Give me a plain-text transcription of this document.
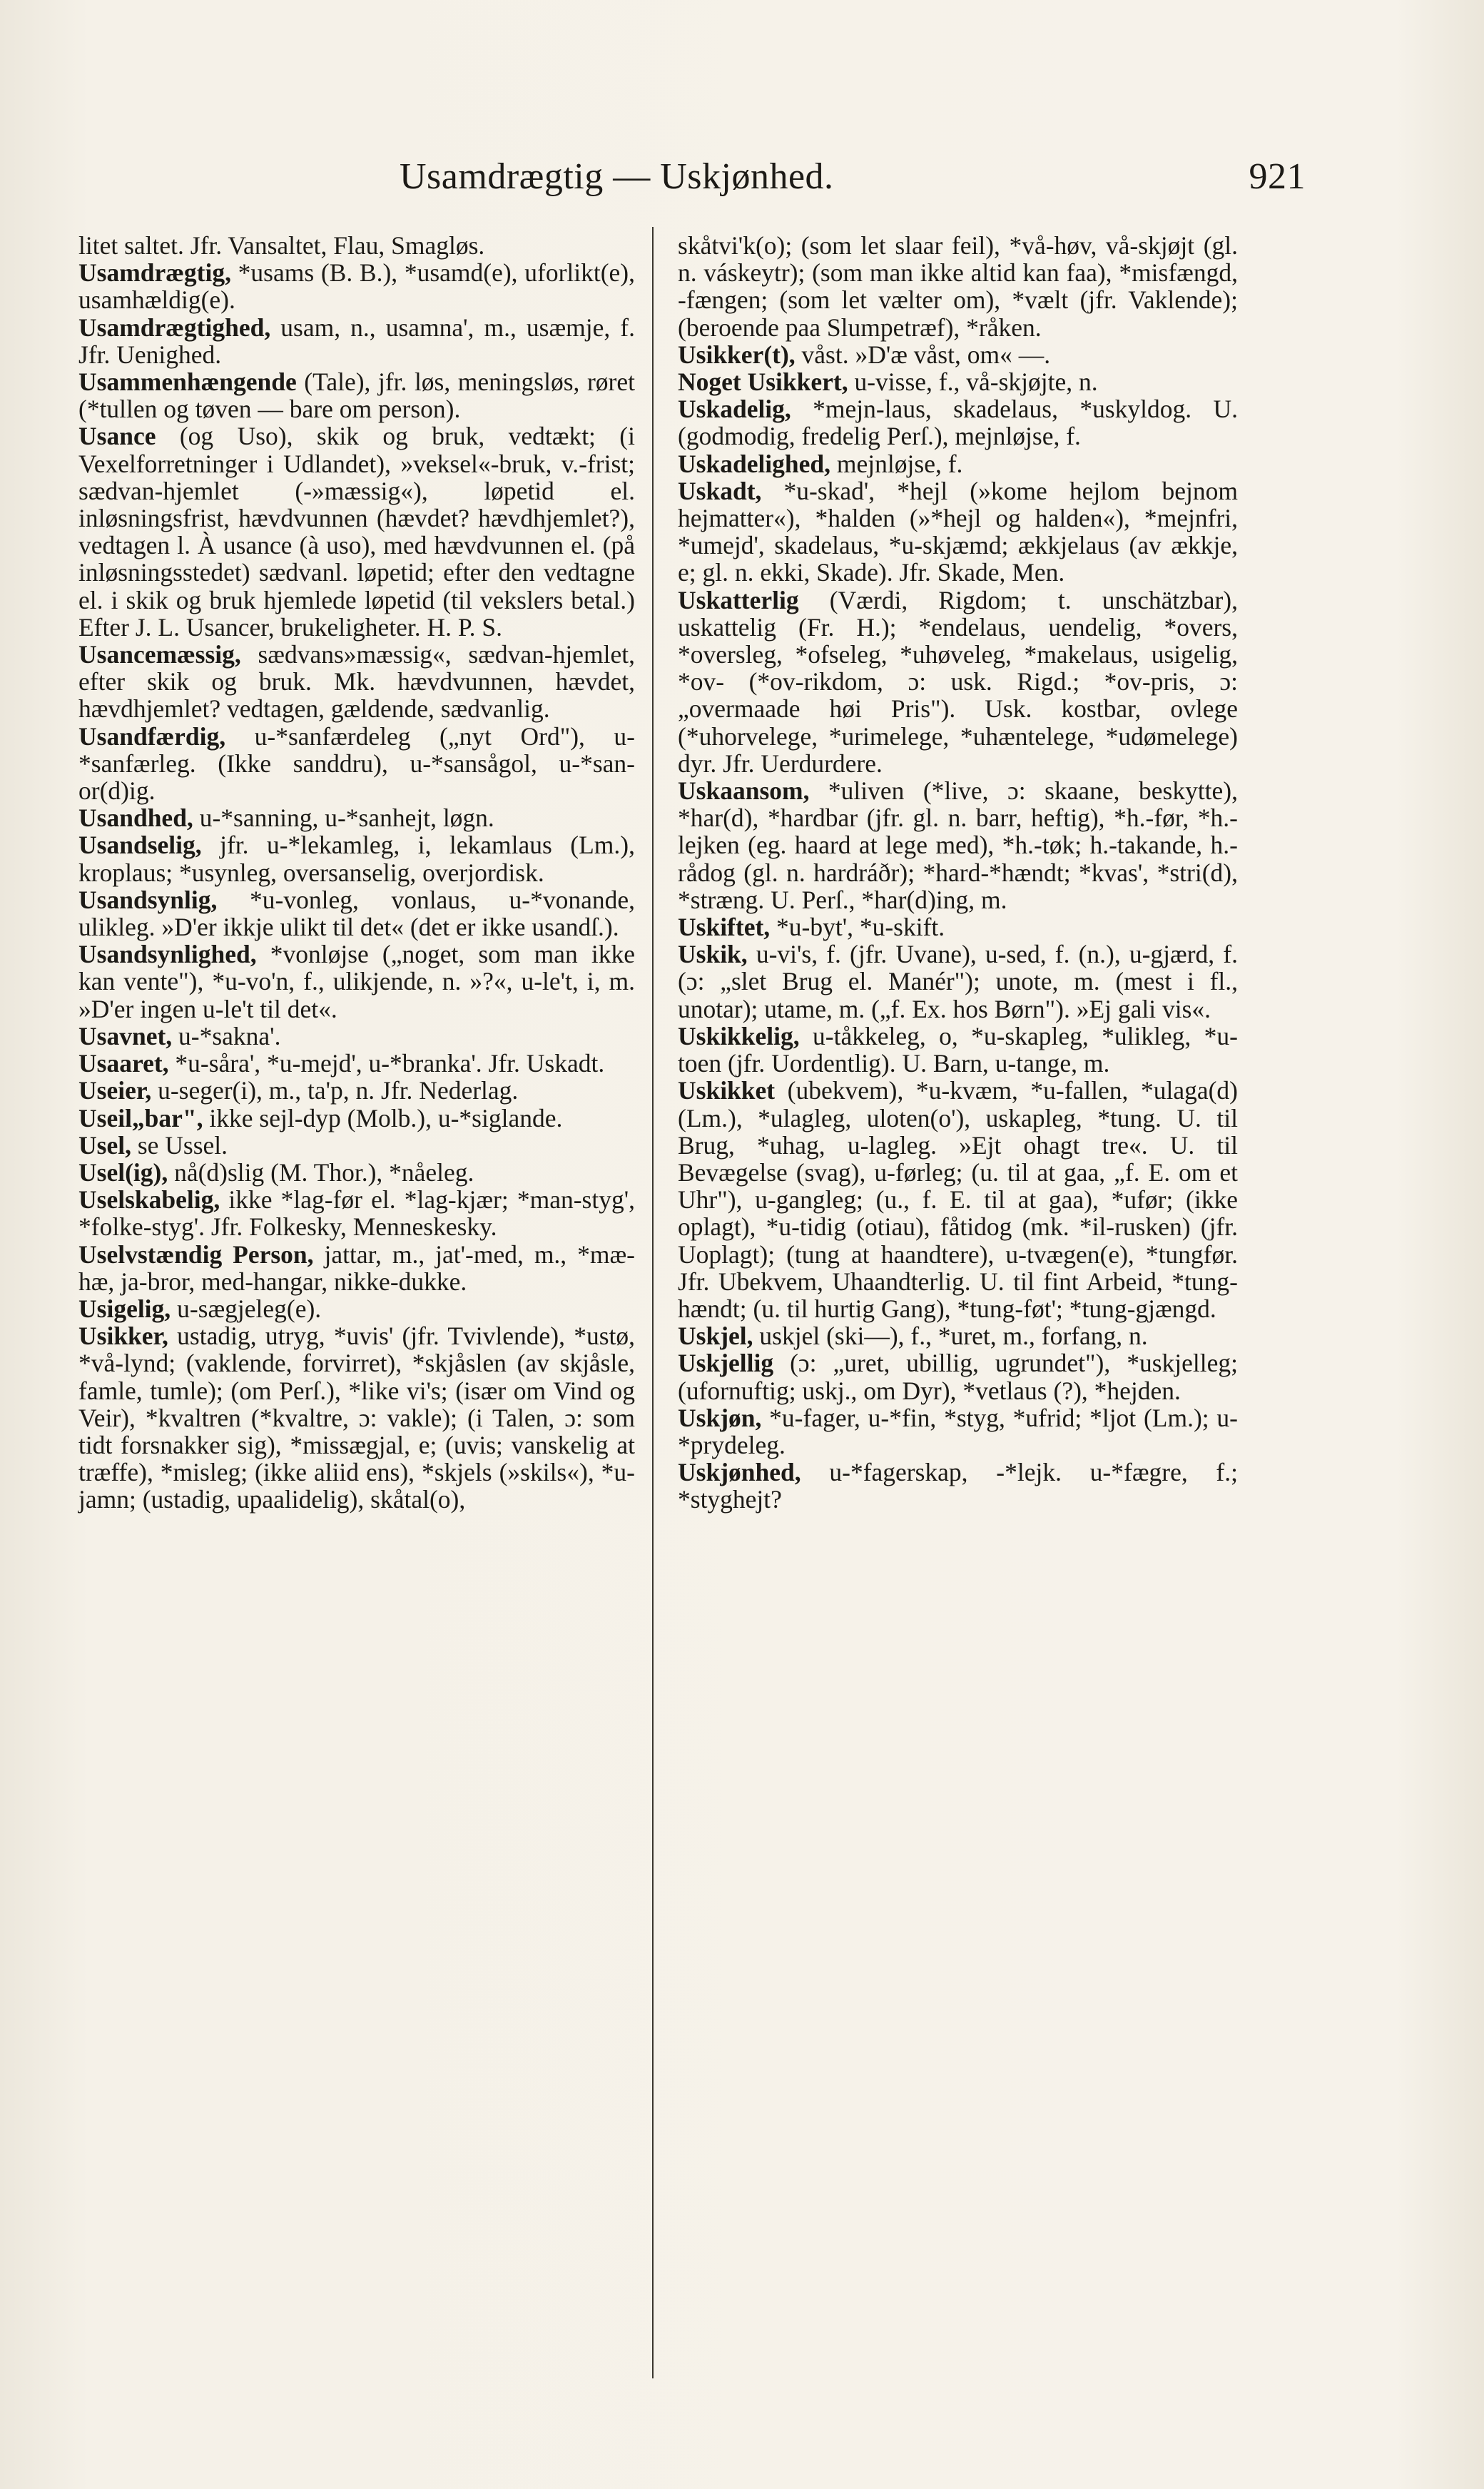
Usamdrægtig — Uskjønhed.	921

litet saltet. Jfr. Vansaltet, Flau, Smagløs.

Usamdrægtig, *usams (B. B.), *usamd(e), uforlikt(e), usamhældig(e).

Usamdrægtighed, usam, n., usamna', m., usæmje, f. Jfr. Uenighed.

Usammenhængende (Tale), jfr. løs, meningsløs, røret (*tullen og tøven — bare om person).

Usance (og Uso), skik og bruk, vedtækt; (i Vexelforretninger i Udlandet), »veksel«-bruk, v.-frist; sædvan-hjemlet (-»mæssig«), løpetid el. inløsningsfrist, hævdvunnen (hævdet? hævdhjemlet?), vedtagen l. À usance (à uso), med hævdvunnen el. (på inløsningsstedet) sædvanl. løpetid; efter den vedtagne el. i skik og bruk hjemlede løpetid (til vekslers betal.) Efter J. L. Usancer, brukeligheter. H. P. S.

Usancemæssig, sædvans»mæssig«, sædvan-hjemlet, efter skik og bruk. Mk. hævdvunnen, hævdet, hævdhjemlet? vedtagen, gældende, sædvanlig.

Usandfærdig, u-*sanfærdeleg („nyt Ord"), u-*sanfærleg. (Ikke sanddru), u-*sansågol, u-*san-or(d)ig.

Usandhed, u-*sanning, u-*sanhejt, løgn.

Usandselig, jfr. u-*lekamleg, i, lekamlaus (Lm.), kroplaus; *usynleg, oversanselig, overjordisk.

Usandsynlig, *u-vonleg, vonlaus, u-*vonande, ulikleg. »D'er ikkje ulikt til det« (det er ikke usandſ.).

Usandsynlighed, *vonløjse („noget, som man ikke kan vente"), *u-vo'n, f., ulikjende, n. »?«, u-le't, i, m. »D'er ingen u-le't til det«.

Usavnet, u-*sakna'.

Usaaret, *u-såra', *u-mejd', u-*branka'. Jfr. Uskadt.

Useier, u-seger(i), m., ta'p, n. Jfr. Nederlag.

Useil„bar", ikke sejl-dyp (Molb.), u-*siglande.

Usel, se Ussel.

Usel(ig), nå(d)slig (M. Thor.), *nåeleg.

Uselskabelig, ikke *lag-før el. *lag-kjær; *man-styg', *folke-styg'. Jfr. Folkesky, Menneskesky.

Uselvstændig Person, jattar, m., jat'-med, m., *mæ-hæ, ja-bror, med-hangar, nikke-dukke.

Usigelig, u-sægjeleg(e).

Usikker, ustadig, utryg, *uvis' (jfr. Tvivlende), *ustø, *vå-lynd; (vaklende, forvirret), *skjåslen (av skjåsle, famle, tumle); (om Perſ.), *like vi's; (især om Vind og Veir), *kvaltren (*kvaltre, ɔ: vakle); (i Talen, ɔ: som tidt forsnakker sig), *missægjal, e; (uvis; vanskelig at træffe), *misleg; (ikke aliid ens), *skjels (»skils«), *u-jamn; (ustadig, upaalidelig), skåtal(o),

skåtvi'k(o); (som let slaar feil), *vå-høv, vå-skjøjt (gl. n. váskeytr); (som man ikke altid kan faa), *misfængd, -fængen; (som let vælter om), *vælt (jfr. Vaklende); (beroende paa Slumpetræf), *råken.

Usikker(t), våst. »D'æ våst, om« —.

Noget Usikkert, u-visse, f., vå-skjøjte, n.

Uskadelig, *mejn-laus, skadelaus, *uskyldog. U. (godmodig, fredelig Perſ.), mejnløjse, f.

Uskadelighed, mejnløjse, f.

Uskadt, *u-skad', *hejl (»kome hejlom bejnom hejmatter«), *halden (»*hejl og halden«), *mejnfri, *umejd', skadelaus, *u-skjæmd; ækkjelaus (av ækkje, e; gl. n. ekki, Skade). Jfr. Skade, Men.

Uskatterlig (Værdi, Rigdom; t. unschätzbar), uskattelig (Fr. H.); *endelaus, uendelig, *overs, *oversleg, *ofseleg, *uhøveleg, *makelaus, usigelig, *ov- (*ov-rikdom, ɔ: usk. Rigd.; *ov-pris, ɔ: „overmaade høi Pris"). Usk. kostbar, ovlege (*uhorvelege, *urimelege, *uhæntelege, *udømelege) dyr. Jfr. Uerdurdere.

Uskaansom, *uliven (*live, ɔ: skaane, beskytte), *har(d), *hardbar (jfr. gl. n. barr, heftig), *h.-før, *h.-lejken (eg. haard at lege med), *h.-tøk; h.-takande, h.-rådog (gl. n. hardráðr); *hard-*hændt; *kvas', *stri(d), *stræng. U. Perſ., *har(d)ing, m.

Uskiftet, *u-byt', *u-skift.

Uskik, u-vi's, f. (jfr. Uvane), u-sed, f. (n.), u-gjærd, f. (ɔ: „slet Brug el. Manér"); unote, m. (mest i fl., unotar); utame, m. („f. Ex. hos Børn"). »Ej gali vis«.

Uskikkelig, u-tåkkeleg, o, *u-skapleg, *ulikleg, *u-toen (jfr. Uordentlig). U. Barn, u-tange, m.

Uskikket (ubekvem), *u-kvæm, *u-fallen, *ulaga(d) (Lm.), *ulagleg, uloten(o'), uskapleg, *tung. U. til Brug, *uhag, u-lagleg. »Ejt ohagt tre«. U. til Bevægelse (svag), u-førleg; (u. til at gaa, „f. E. om et Uhr"), u-gangleg; (u., f. E. til at gaa), *ufør; (ikke oplagt), *u-tidig (otiau), fåtidog (mk. *il-rusken) (jfr. Uoplagt); (tung at haandtere), u-tvægen(e), *tungfør. Jfr. Ubekvem, Uhaandterlig. U. til fint Arbeid, *tung-hændt; (u. til hurtig Gang), *tung-føt'; *tung-gjængd.

Uskjel, uskjel (ski—), f., *uret, m., forfang, n.

Uskjellig (ɔ: „uret, ubillig, ugrundet"), *uskjelleg; (ufornuftig; uskj., om Dyr), *vetlaus (?), *hejden.

Uskjøn, *u-fager, u-*fin, *styg, *ufrid; *ljot (Lm.); u-*prydeleg.

Uskjønhed, u-*fagerskap, -*lejk. u-*fægre, f.; *styghejt?
